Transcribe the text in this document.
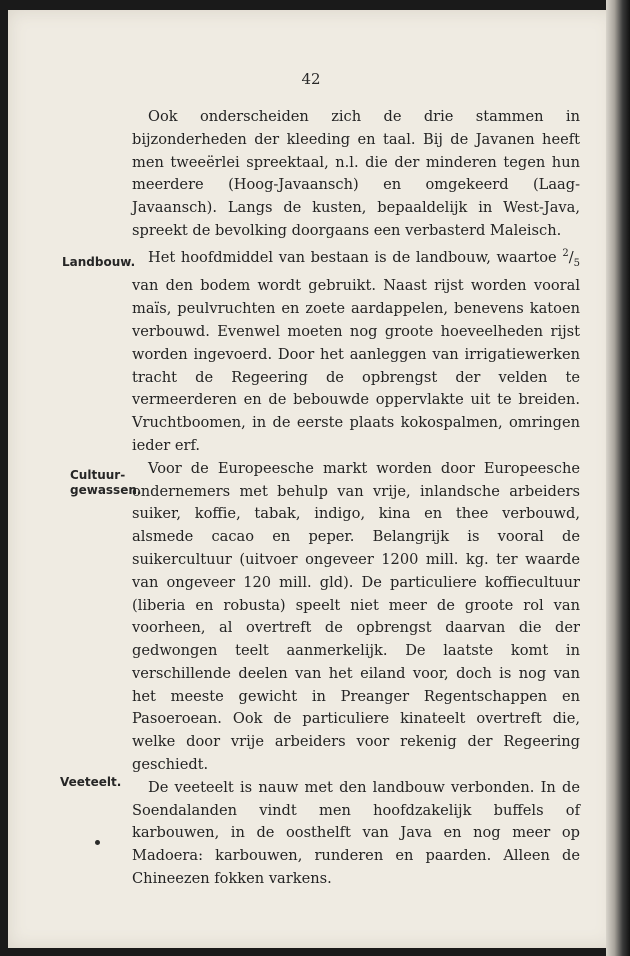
42

Landbouw.
Cultuur-
gewassen.
Veeteelt.

Ook onderscheiden zich de drie stammen in bijzonderheden der kleeding en taal. Bij de Javanen heeft men tweeërlei spreektaal, n.l. die der minderen tegen hun meerdere (Hoog-Javaansch) en omgekeerd (Laag-Javaansch). Langs de kusten, bepaaldelijk in West-Java, spreekt de bevolking doorgaans een verbasterd Maleisch.

Het hoofdmiddel van bestaan is de landbouw, waartoe $^2/_5$ van den bodem wordt gebruikt. Naast rijst worden vooral maïs, peulvruchten en zoete aardappelen, benevens katoen verbouwd. Evenwel moeten nog groote hoeveelheden rijst worden ingevoerd. Door het aanleggen van irrigatiewerken tracht de Regeering de opbrengst der velden te vermeerderen en de bebouwde oppervlakte uit te breiden. Vruchtboomen, in de eerste plaats kokospalmen, omringen ieder erf.

Voor de Europeesche markt worden door Europeesche ondernemers met behulp van vrije, inlandsche arbeiders suiker, koffie, tabak, indigo, kina en thee verbouwd, alsmede cacao en peper. Belangrijk is vooral de suikercultuur (uitvoer ongeveer 1200 mill. kg. ter waarde van ongeveer 120 mill. gld). De particuliere koffiecultuur (liberia en robusta) speelt niet meer de groote rol van voorheen, al overtreft de opbrengst daarvan die der gedwongen teelt aanmerkelijk. De laatste komt in verschillende deelen van het eiland voor, doch is nog van het meeste gewicht in Preanger Regentschappen en Pasoeroean. Ook de particuliere kinateelt overtreft die, welke door vrije arbeiders voor rekenig der Regeering geschiedt.

De veeteelt is nauw met den landbouw verbonden. In de Soendalanden vindt men hoofdzakelijk buffels of karbouwen, in de oosthelft van Java en nog meer op Madoera: karbouwen, runderen en paarden. Alleen de Chineezen fokken varkens.
